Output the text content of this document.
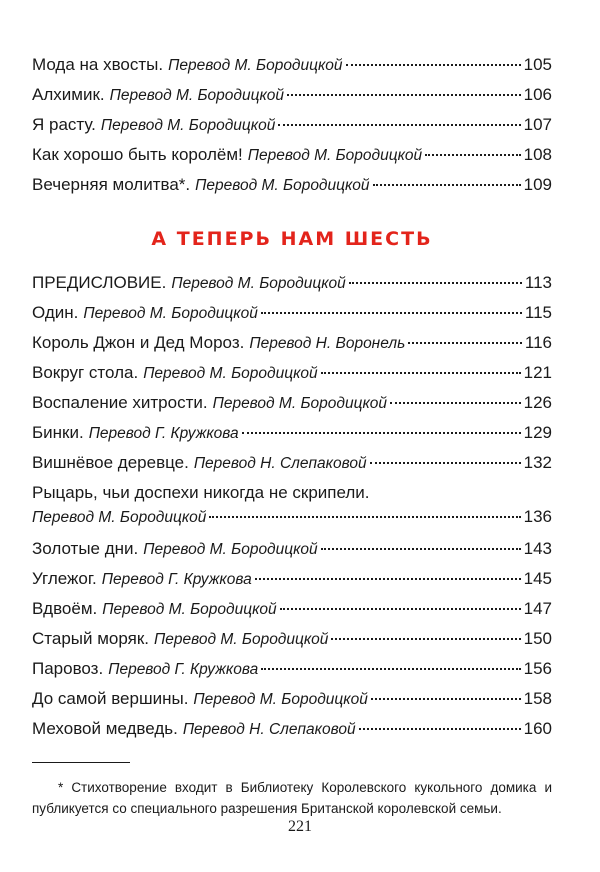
Мода на хвосты. Перевод М. Бородицкой	105
Алхимик. Перевод М. Бородицкой	106
Я расту. Перевод М. Бородицкой	107
Как хорошо быть королём! Перевод М. Бородицкой	108
Вечерняя молитва*. Перевод М. Бородицкой	109
А ТЕПЕРЬ НАМ ШЕСТЬ
ПРЕДИСЛОВИЕ. Перевод М. Бородицкой	113
Один. Перевод М. Бородицкой	115
Король Джон и Дед Мороз. Перевод Н. Воронель	116
Вокруг стола. Перевод М. Бородицкой	121
Воспаление хитрости. Перевод М. Бородицкой	126
Бинки. Перевод Г. Кружкова	129
Вишнёвое деревце. Перевод Н. Слепаковой	132
Рыцарь, чьи доспехи никогда не скрипели.
Перевод М. Бородицкой	136
Золотые дни. Перевод М. Бородицкой	143
Углежог. Перевод Г. Кружкова	145
Вдвоём. Перевод М. Бородицкой	147
Старый моряк. Перевод М. Бородицкой	150
Паровоз. Перевод Г. Кружкова	156
До самой вершины. Перевод М. Бородицкой	158
Меховой медведь. Перевод Н. Слепаковой	160

* Стихотворение входит в Библиотеку Королевского кукольного домика и публикуется со специального разрешения Британской королевской семьи.

221
